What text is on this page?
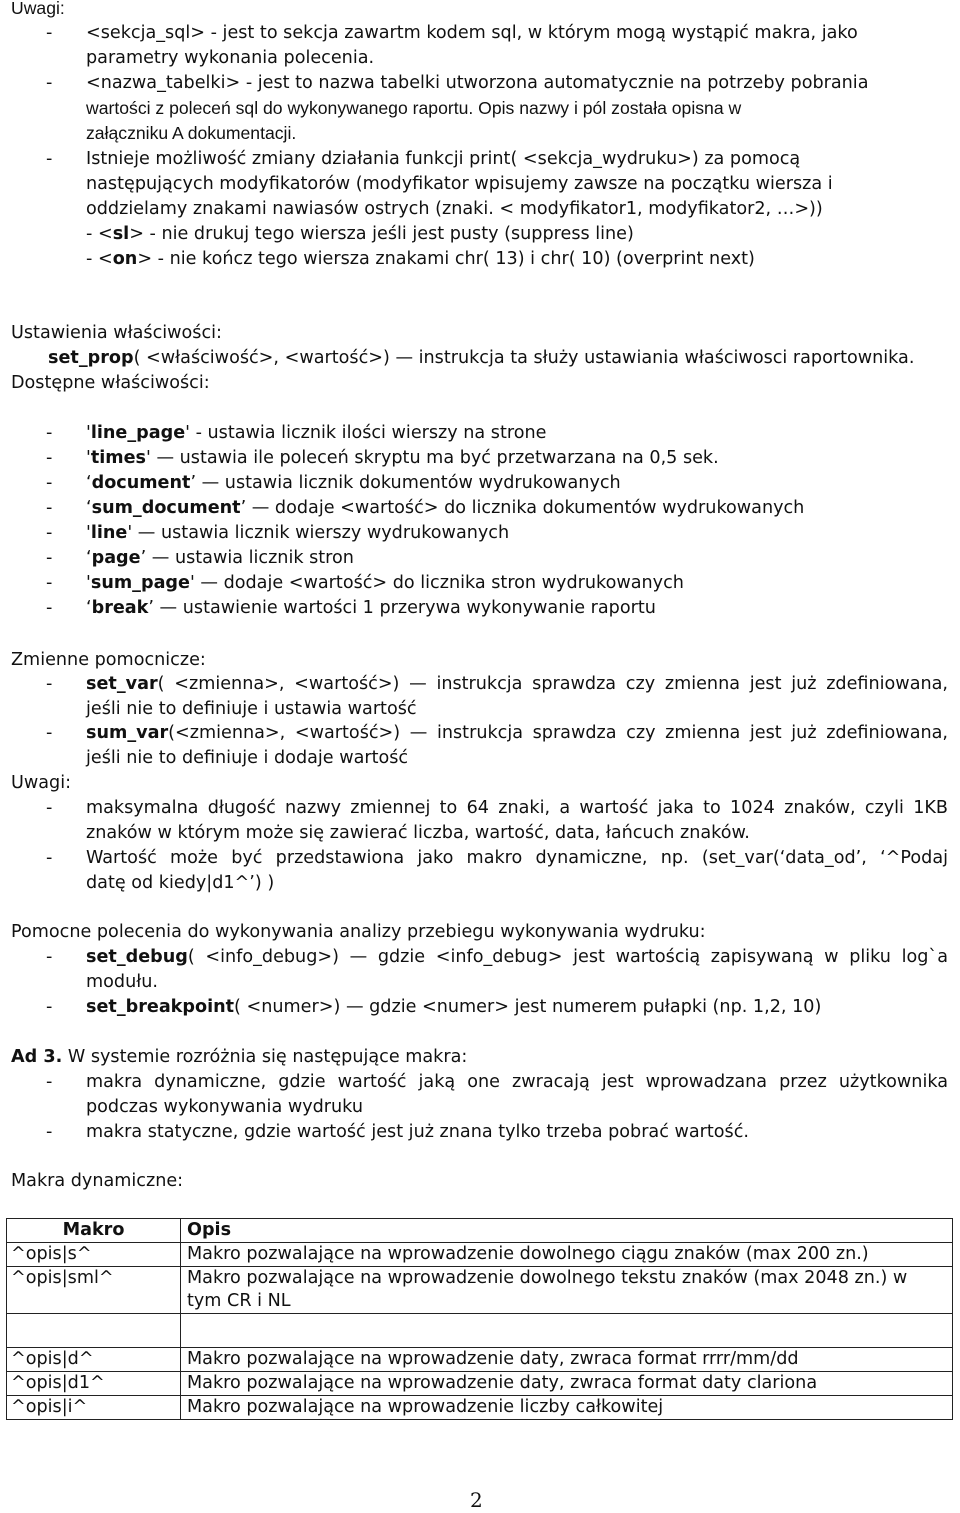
Uwagi:
- <sekcja_sql> - jest to sekcja zawartm kodem sql, w którym mogą wystąpić makra, jako
parametry wykonania polecenia.
- <nazwa_tabelki> - jest to nazwa tabelki utworzona automatycznie na potrzeby pobrania
wartości z poleceń sql do wykonywanego raportu. Opis nazwy i pól została opisna w
załączniku A dokumentacji.
- Istnieje możliwość zmiany działania funkcji print( <sekcja_wydruku>) za pomocą
następujących modyfikatorów (modyfikator wpisujemy zawsze na początku wiersza i
oddzielamy znakami nawiasów ostrych (znaki. < modyfikator1, modyfikator2, …>))
- <sl> - nie drukuj tego wiersza jeśli jest pusty (suppress line)
- <on> - nie kończ tego wiersza znakami chr( 13) i chr( 10) (overprint next)
Ustawienia właściwości:
set_prop( <właściwość>, <wartość>) — instrukcja ta służy ustawiania właściwosci raportownika.
Dostępne właściwości:
- 'line_page' - ustawia licznik ilości wierszy na strone
- 'times' — ustawia ile poleceń skryptu ma być przetwarzana na 0,5 sek.
- ‘document’ — ustawia licznik dokumentów wydrukowanych
- ‘sum_document’ — dodaje <wartość> do licznika dokumentów wydrukowanych
- 'line' — ustawia licznik wierszy wydrukowanych
- ‘page’ — ustawia licznik stron
- 'sum_page' — dodaje <wartość> do licznika stron wydrukowanych
- ‘break’ — ustawienie wartości 1 przerywa wykonywanie raportu
Zmienne pomocnicze:
- set_var( <zmienna>, <wartość>) — instrukcja sprawdza czy zmienna jest już zdefiniowana,
jeśli nie to definiuje i ustawia wartość
- sum_var(<zmienna>, <wartość>) — instrukcja sprawdza czy zmienna jest już zdefiniowana,
jeśli nie to definiuje i dodaje wartość
Uwagi:
- maksymalna długość nazwy zmiennej to 64 znaki, a wartość jaka to 1024 znaków, czyli 1KB
znaków w którym może się zawierać liczba, wartość, data, łańcuch znaków.
- Wartość może być przedstawiona jako makro dynamiczne, np. (set_var(‘data_od’, ‘^Podaj
datę od kiedy|d1^’) )
Pomocne polecenia do wykonywania analizy przebiegu wykonywania wydruku:
- set_debug( <info_debug>) — gdzie <info_debug> jest wartością zapisywaną w pliku log`a
modułu.
- set_breakpoint( <numer>) — gdzie <numer> jest numerem pułapki (np. 1,2, 10)
Ad 3. W systemie rozróżnia się następujące makra:
- makra dynamiczne, gdzie wartość jaką one zwracają jest wprowadzana przez użytkownika
podczas wykonywania wydruku
- makra statyczne, gdzie wartość jest już znana tylko trzeba pobrać wartość.
Makra dynamiczne:
Makro	Opis
^opis|s^	Makro pozwalające na wprowadzenie dowolnego ciągu znaków (max 200 zn.)
^opis|sml^	Makro pozwalające na wprowadzenie dowolnego tekstu znaków (max 2048 zn.) w tym CR i NL

^opis|d^	Makro pozwalające na wprowadzenie daty, zwraca format rrrr/mm/dd
^opis|d1^	Makro pozwalające na wprowadzenie daty, zwraca format daty clariona
^opis|i^	Makro pozwalające na wprowadzenie liczby całkowitej
2
